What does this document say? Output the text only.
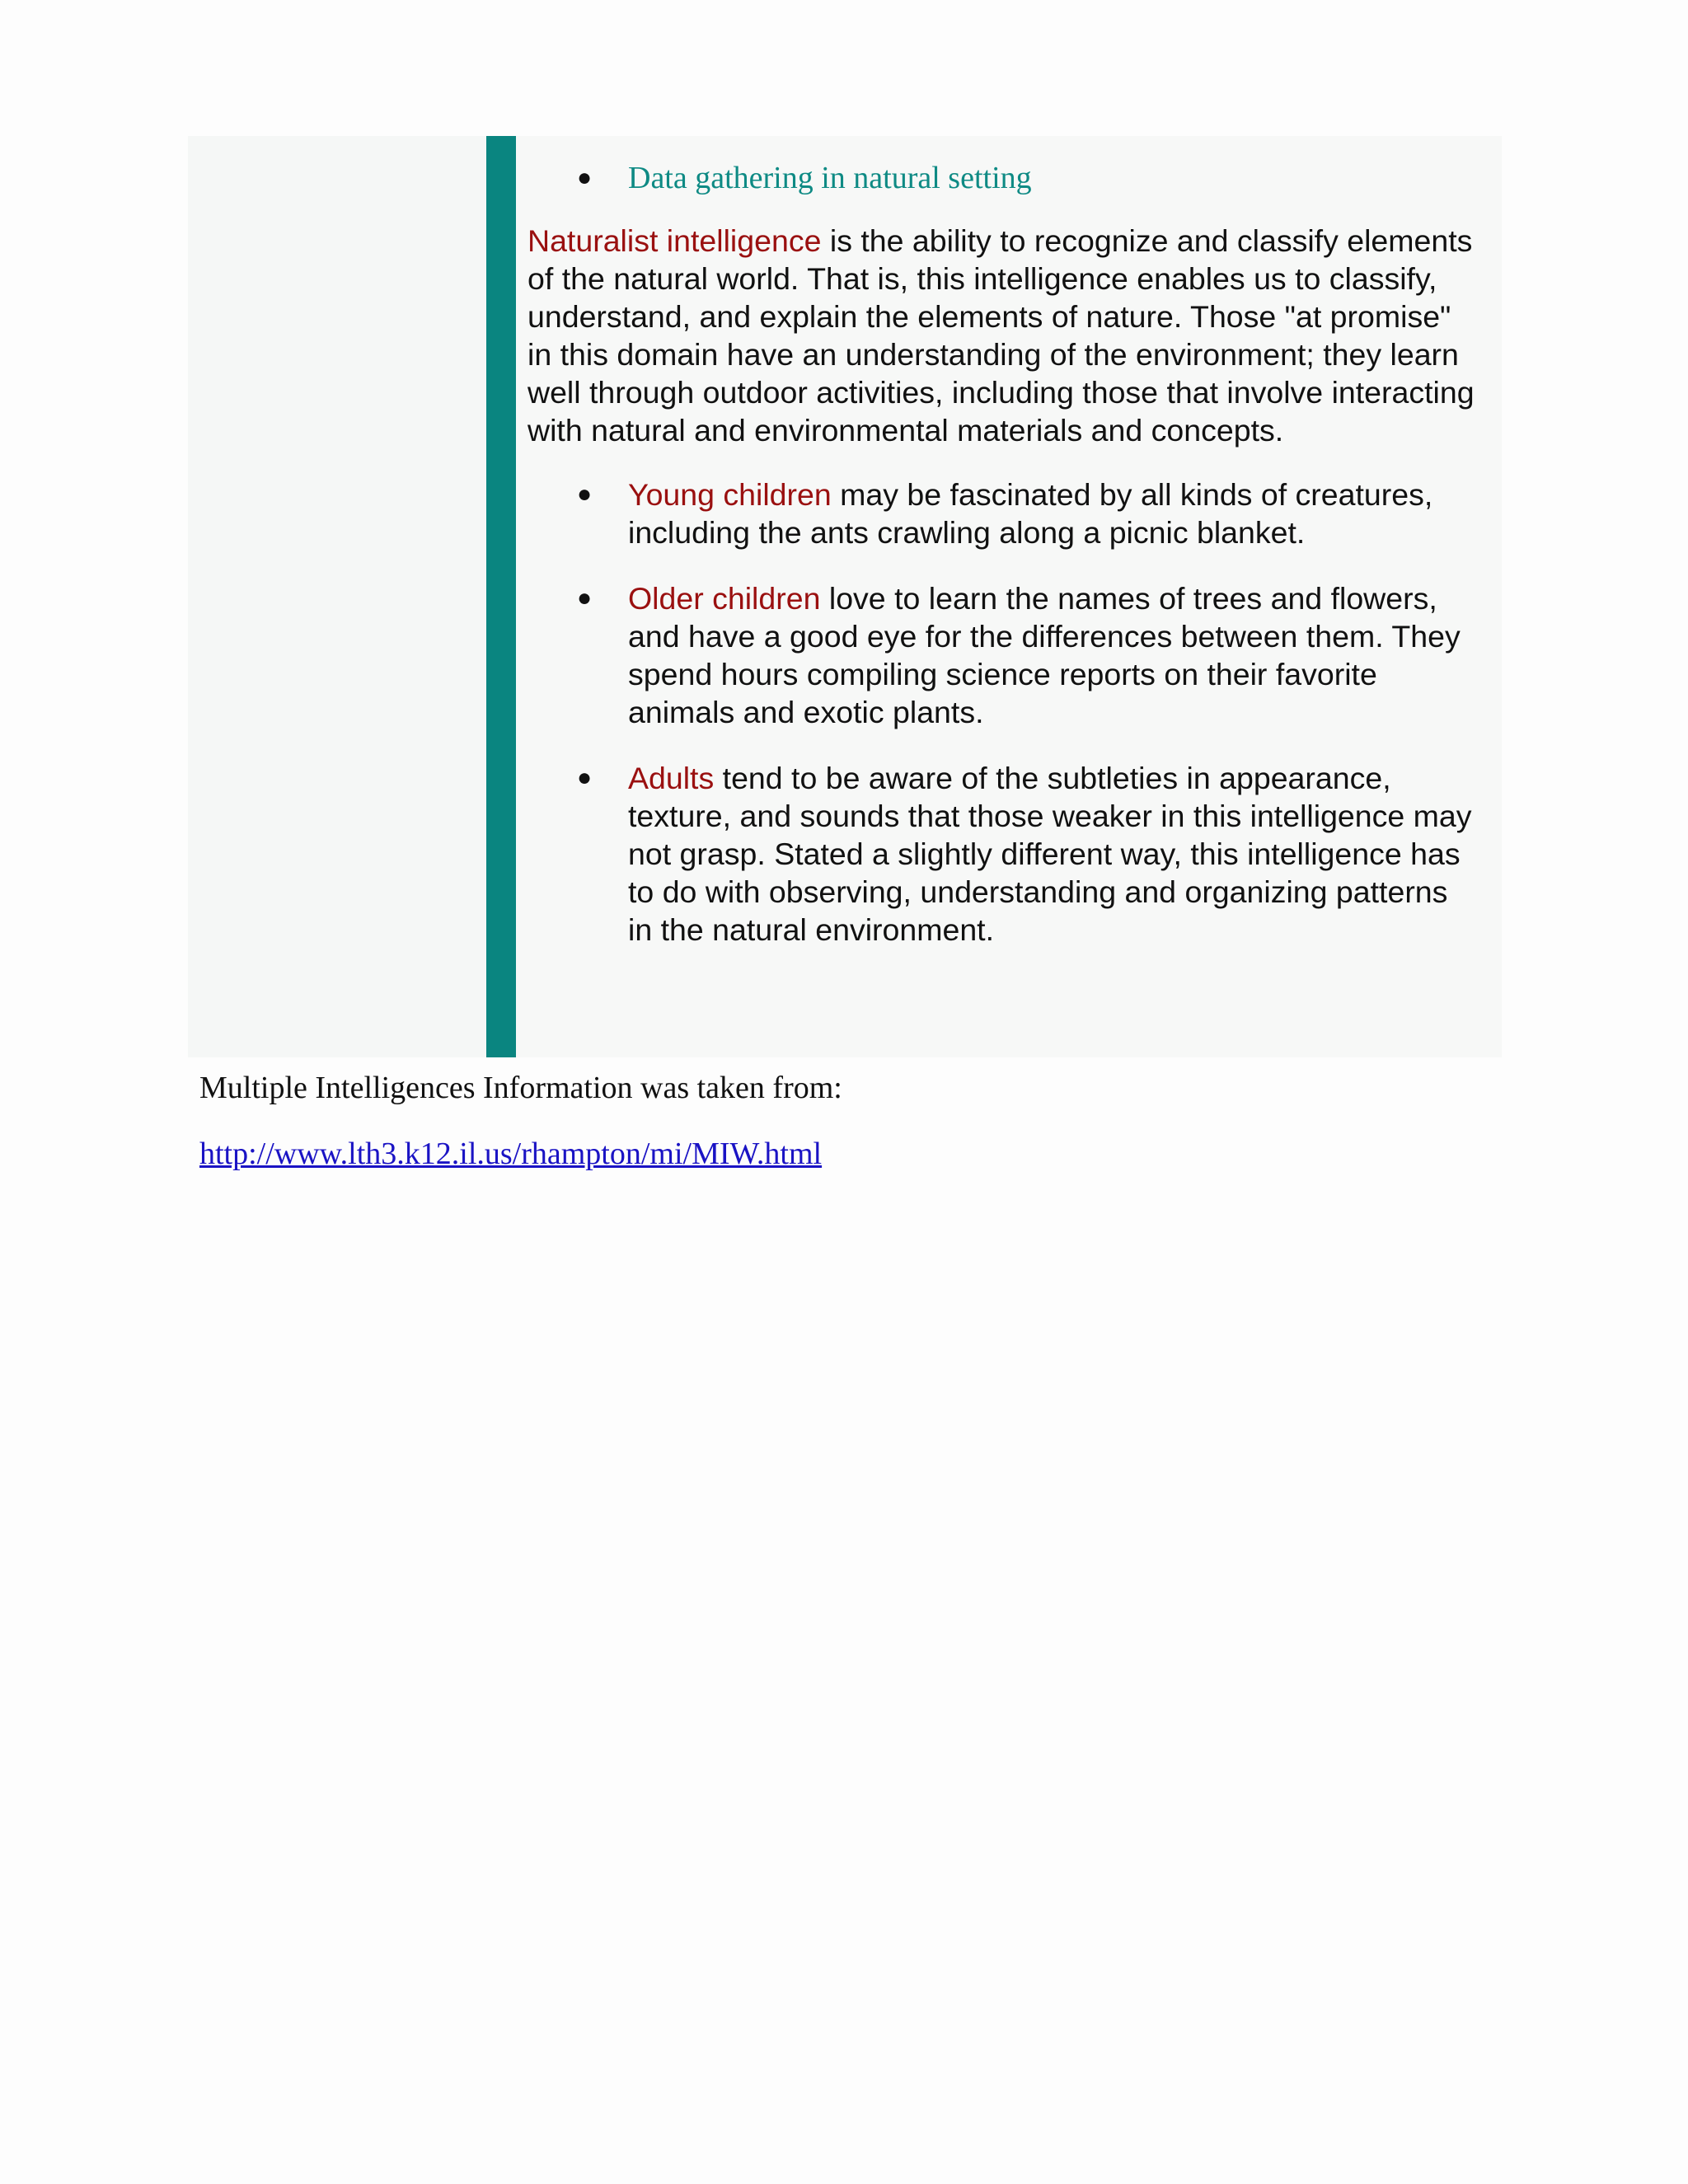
● Data gathering in natural setting

Naturalist intelligence is the ability to recognize and classify elements of the natural world. That is, this intelligence enables us to classify, understand, and explain the elements of nature. Those "at promise" in this domain have an understanding of the environment; they learn well through outdoor activities, including those that involve interacting with natural and environmental materials and concepts.

● Young children may be fascinated by all kinds of creatures, including the ants crawling along a picnic blanket.
● Older children love to learn the names of trees and flowers, and have a good eye for the differences between them. They spend hours compiling science reports on their favorite animals and exotic plants.
● Adults tend to be aware of the subtleties in appearance, texture, and sounds that those weaker in this intelligence may not grasp. Stated a slightly different way, this intelligence has to do with observing, understanding and organizing patterns in the natural environment.
Multiple Intelligences Information was taken from:
http://www.lth3.k12.il.us/rhampton/mi/MIW.html
